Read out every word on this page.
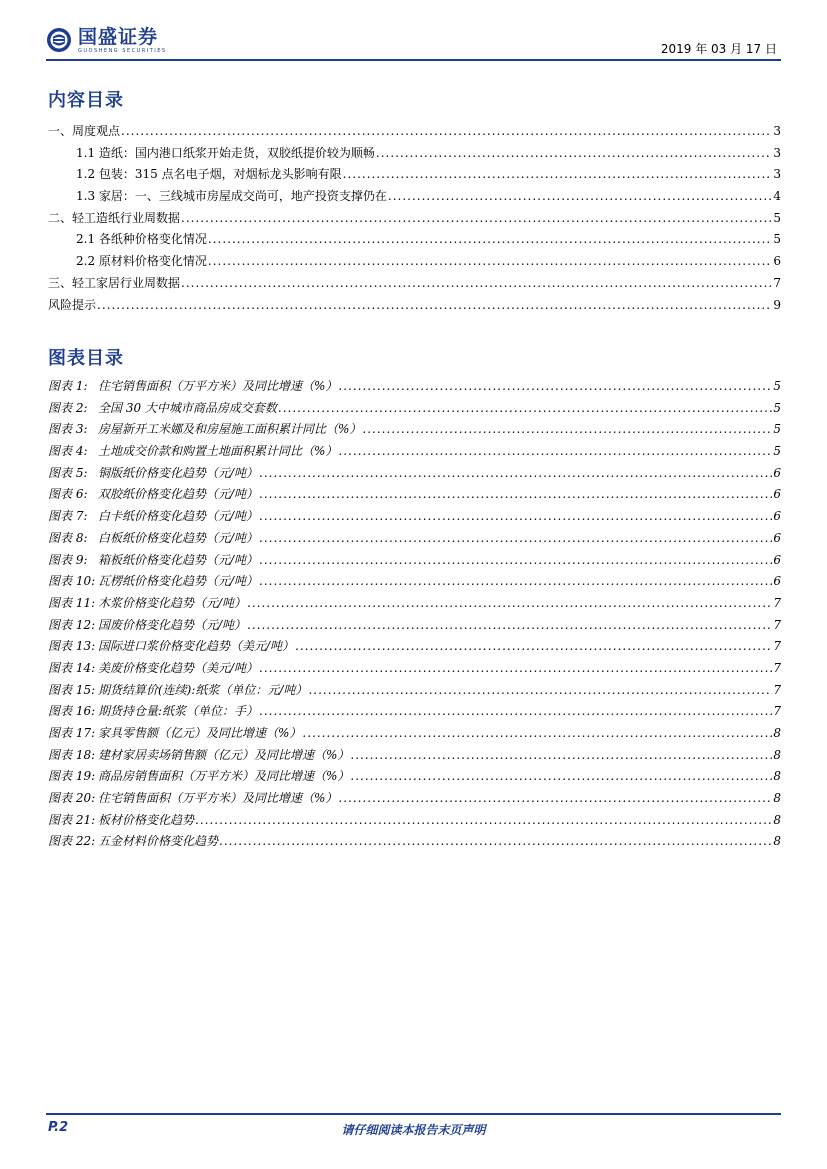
国盛证券
GUOSHENG SECURITIES	2019 年 03 月 17 日
内容目录
一、周度观点 .....	3
1.1 造纸：国内港口纸浆开始走货，双胶纸提价较为顺畅 .....	3
1.2 包装：315 点名电子烟，对烟标龙头影响有限 .....	3
1.3 家居：一、三线城市房屋成交尚可，地产投资支撑仍在 .....	4
二、轻工造纸行业周数据 .....	5
2.1 各纸种价格变化情况 .....	5
2.2 原材料价格变化情况 .....	6
三、轻工家居行业周数据 .....	7
风险提示 .....	9
图表目录
图表 1: 住宅销售面积（万平方米）及同比增速（%） .....	5
图表 2: 全国 30 大中城市商品房成交套数 .....	5
图表 3: 房屋新开工米娜及和房屋施工面积累计同比（%） .....	5
图表 4: 土地成交价款和购置土地面积累计同比（%） .....	5
图表 5: 铜版纸价格变化趋势（元/吨） .....	6
图表 6: 双胶纸价格变化趋势（元/吨） .....	6
图表 7: 白卡纸价格变化趋势（元/吨） .....	6
图表 8: 白板纸价格变化趋势（元/吨） .....	6
图表 9: 箱板纸价格变化趋势（元/吨） .....	6
图表 10: 瓦楞纸价格变化趋势（元/吨） .....	6
图表 11: 木浆价格变化趋势（元/吨） .....	7
图表 12: 国废价格变化趋势（元/吨） .....	7
图表 13: 国际进口浆价格变化趋势（美元/吨） .....	7
图表 14: 美废价格变化趋势（美元/吨） .....	7
图表 15: 期货结算价(连续):纸浆（单位：元/吨） .....	7
图表 16: 期货持仓量:纸浆（单位：手） .....	7
图表 17: 家具零售额（亿元）及同比增速（%） .....	8
图表 18: 建材家居卖场销售额（亿元）及同比增速（%） .....	8
图表 19: 商品房销售面积（万平方米）及同比增速（%） .....	8
图表 20: 住宅销售面积（万平方米）及同比增速（%） .....	8
图表 21: 板材价格变化趋势 .....	8
图表 22: 五金材料价格变化趋势 .....	8
P.2	请仔细阅读本报告末页声明
